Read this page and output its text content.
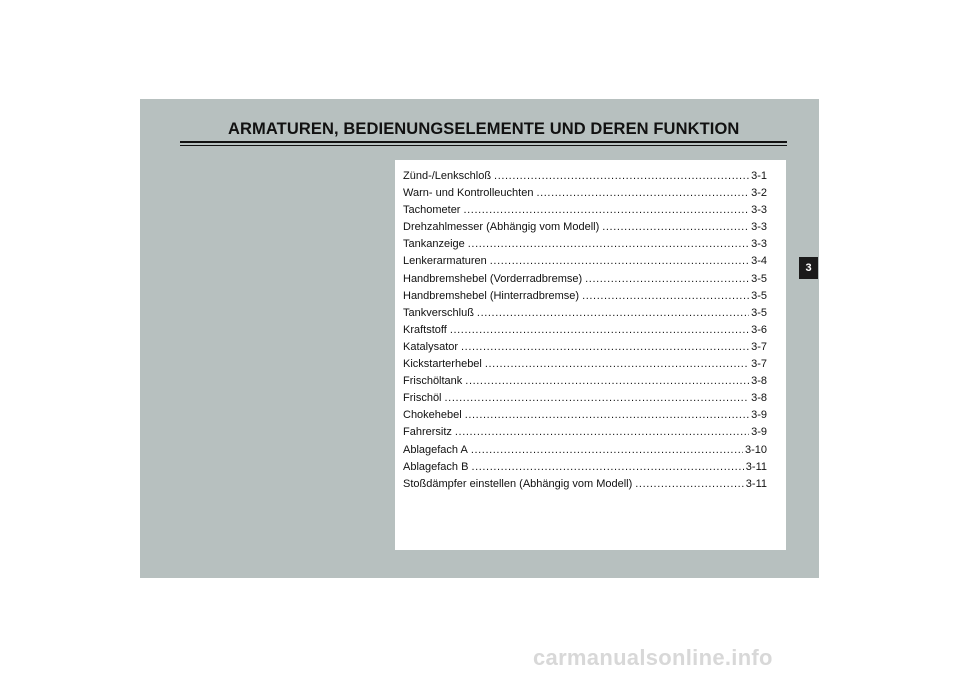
ARMATUREN, BEDIENUNGSELEMENTE UND DEREN FUNKTION
Zünd-/Lenkschloß .....	3-1
Warn- und Kontrolleuchten .....	3-2
Tachometer .....	3-3
Drehzahlmesser (Abhängig vom Modell) .....	3-3
Tankanzeige .....	3-3
Lenkerarmaturen .....	3-4
Handbremshebel (Vorderradbremse) .....	3-5
Handbremshebel (Hinterradbremse) .....	3-5
Tankverschluß .....	3-5
Kraftstoff .....	3-6
Katalysator .....	3-7
Kickstarterhebel .....	3-7
Frischöltank .....	3-8
Frischöl .....	3-8
Chokehebel .....	3-9
Fahrersitz .....	3-9
Ablagefach A .....	3-10
Ablagefach B .....	3-11
Stoßdämpfer einstellen (Abhängig vom Modell) .....	3-11
3
carmanualsonline.info
